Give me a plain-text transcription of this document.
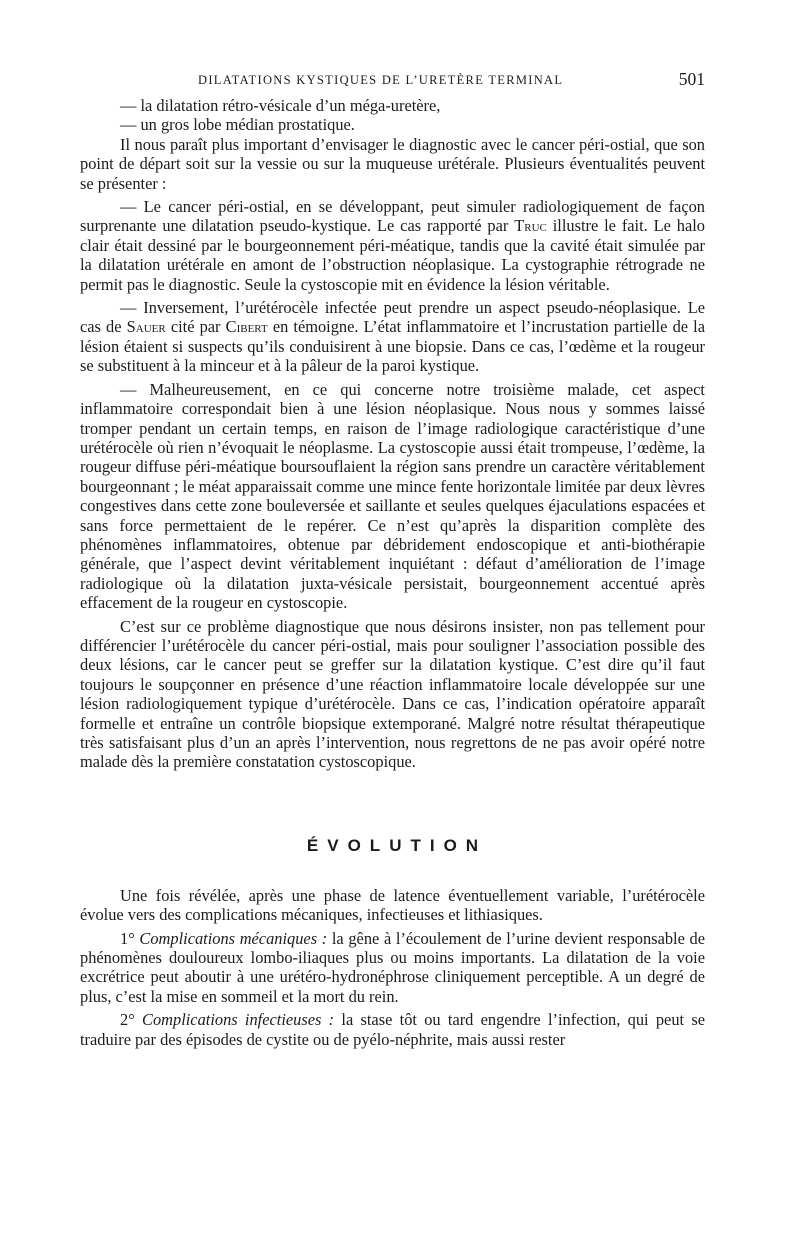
DILATATIONS KYSTIQUES DE L’URETÈRE TERMINAL	501

— la dilatation rétro-vésicale d’un méga-uretère,

— un gros lobe médian prostatique.

Il nous paraît plus important d’envisager le diagnostic avec le cancer péri-ostial, que son point de départ soit sur la vessie ou sur la muqueuse urétérale. Plusieurs éventualités peuvent se présenter :

— Le cancer péri-ostial, en se développant, peut simuler radiologiquement de façon surprenante une dilatation pseudo-kystique. Le cas rapporté par Truc illustre le fait. Le halo clair était dessiné par le bourgeonnement péri-méatique, tandis que la cavité était simulée par la dilatation urétérale en amont de l’obstruction néoplasique. La cystographie rétrograde ne permit pas le diagnostic. Seule la cystoscopie mit en évidence la lésion véritable.

— Inversement, l’urétérocèle infectée peut prendre un aspect pseudo-néoplasique. Le cas de Sauer cité par Cibert en témoigne. L’état inflammatoire et l’incrustation partielle de la lésion étaient si suspects qu’ils conduisirent à une biopsie. Dans ce cas, l’œdème et la rougeur se substituent à la minceur et à la pâleur de la paroi kystique.

— Malheureusement, en ce qui concerne notre troisième malade, cet aspect inflammatoire correspondait bien à une lésion néoplasique. Nous nous y sommes laissé tromper pendant un certain temps, en raison de l’image radiologique caractéristique d’une urétérocèle où rien n’évoquait le néoplasme. La cystoscopie aussi était trompeuse, l’œdème, la rougeur diffuse péri-méatique boursouflaient la région sans prendre un caractère véritablement bourgeonnant ; le méat apparaissait comme une mince fente horizontale limitée par deux lèvres congestives dans cette zone bouleversée et saillante et seules quelques éjaculations espacées et sans force permettaient de le repérer. Ce n’est qu’après la disparition complète des phénomènes inflammatoires, obtenue par débridement endoscopique et anti-biothérapie générale, que l’aspect devint véritablement inquiétant : défaut d’amélioration de l’image radiologique où la dilatation juxta-vésicale persistait, bourgeonnement accentué après effacement de la rougeur en cystoscopie.

C’est sur ce problème diagnostique que nous désirons insister, non pas tellement pour différencier l’urétérocèle du cancer péri-ostial, mais pour souligner l’association possible des deux lésions, car le cancer peut se greffer sur la dilatation kystique. C’est dire qu’il faut toujours le soupçonner en présence d’une réaction inflammatoire locale développée sur une lésion radiologiquement typique d’urétérocèle. Dans ce cas, l’indication opératoire apparaît formelle et entraîne un contrôle biopsique extemporané. Malgré notre résultat thérapeutique très satisfaisant plus d’un an après l’intervention, nous regrettons de ne pas avoir opéré notre malade dès la première constatation cystoscopique.

ÉVOLUTION

Une fois révélée, après une phase de latence éventuellement variable, l’urétérocèle évolue vers des complications mécaniques, infectieuses et lithiasiques.

1° Complications mécaniques : la gêne à l’écoulement de l’urine devient responsable de phénomènes douloureux lombo-iliaques plus ou moins importants. La dilatation de la voie excrétrice peut aboutir à une urétéro-hydronéphrose cliniquement perceptible. A un degré de plus, c’est la mise en sommeil et la mort du rein.

2° Complications infectieuses : la stase tôt ou tard engendre l’infection, qui peut se traduire par des épisodes de cystite ou de pyélo-néphrite, mais aussi rester
